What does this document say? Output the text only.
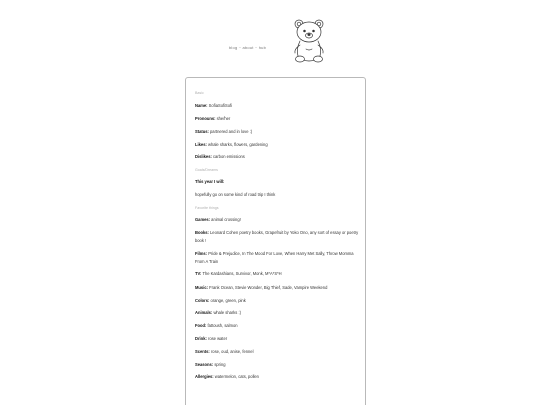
blog ~ about ~ hub
Basic
Name: SofiaSofiSofi
Pronouns: she/her
Status: partnered and in love :)
Likes: whale sharks, flowers, gardening
Dislikes: carbon emissions
Goals/Dreams
This year I will:
hopefully go on some kind of road trip I think
Favorite things
Games: animal crossing!
Books: Leonard Cohen poetry books, Grapefruit by Yoko Ono, any sort of essay or poetry book !
Films: Pride & Prejudice, In The Mood For Love, When Harry Met Sally, Throw Momma From A Train
TV: The Kardashians, Survivor, Monk, M*A*S*H
Music: Frank Ocean, Stevie Wonder, Big Thief, Sade, Vampire Weekend
Colors: orange, green, pink
Animals: whale sharks :)
Food: fattoush, salmon
Drink: rose water
Scents: rose, oud, anise, fennel
Seasons: spring
Allergies: watermelon, cats, pollen
